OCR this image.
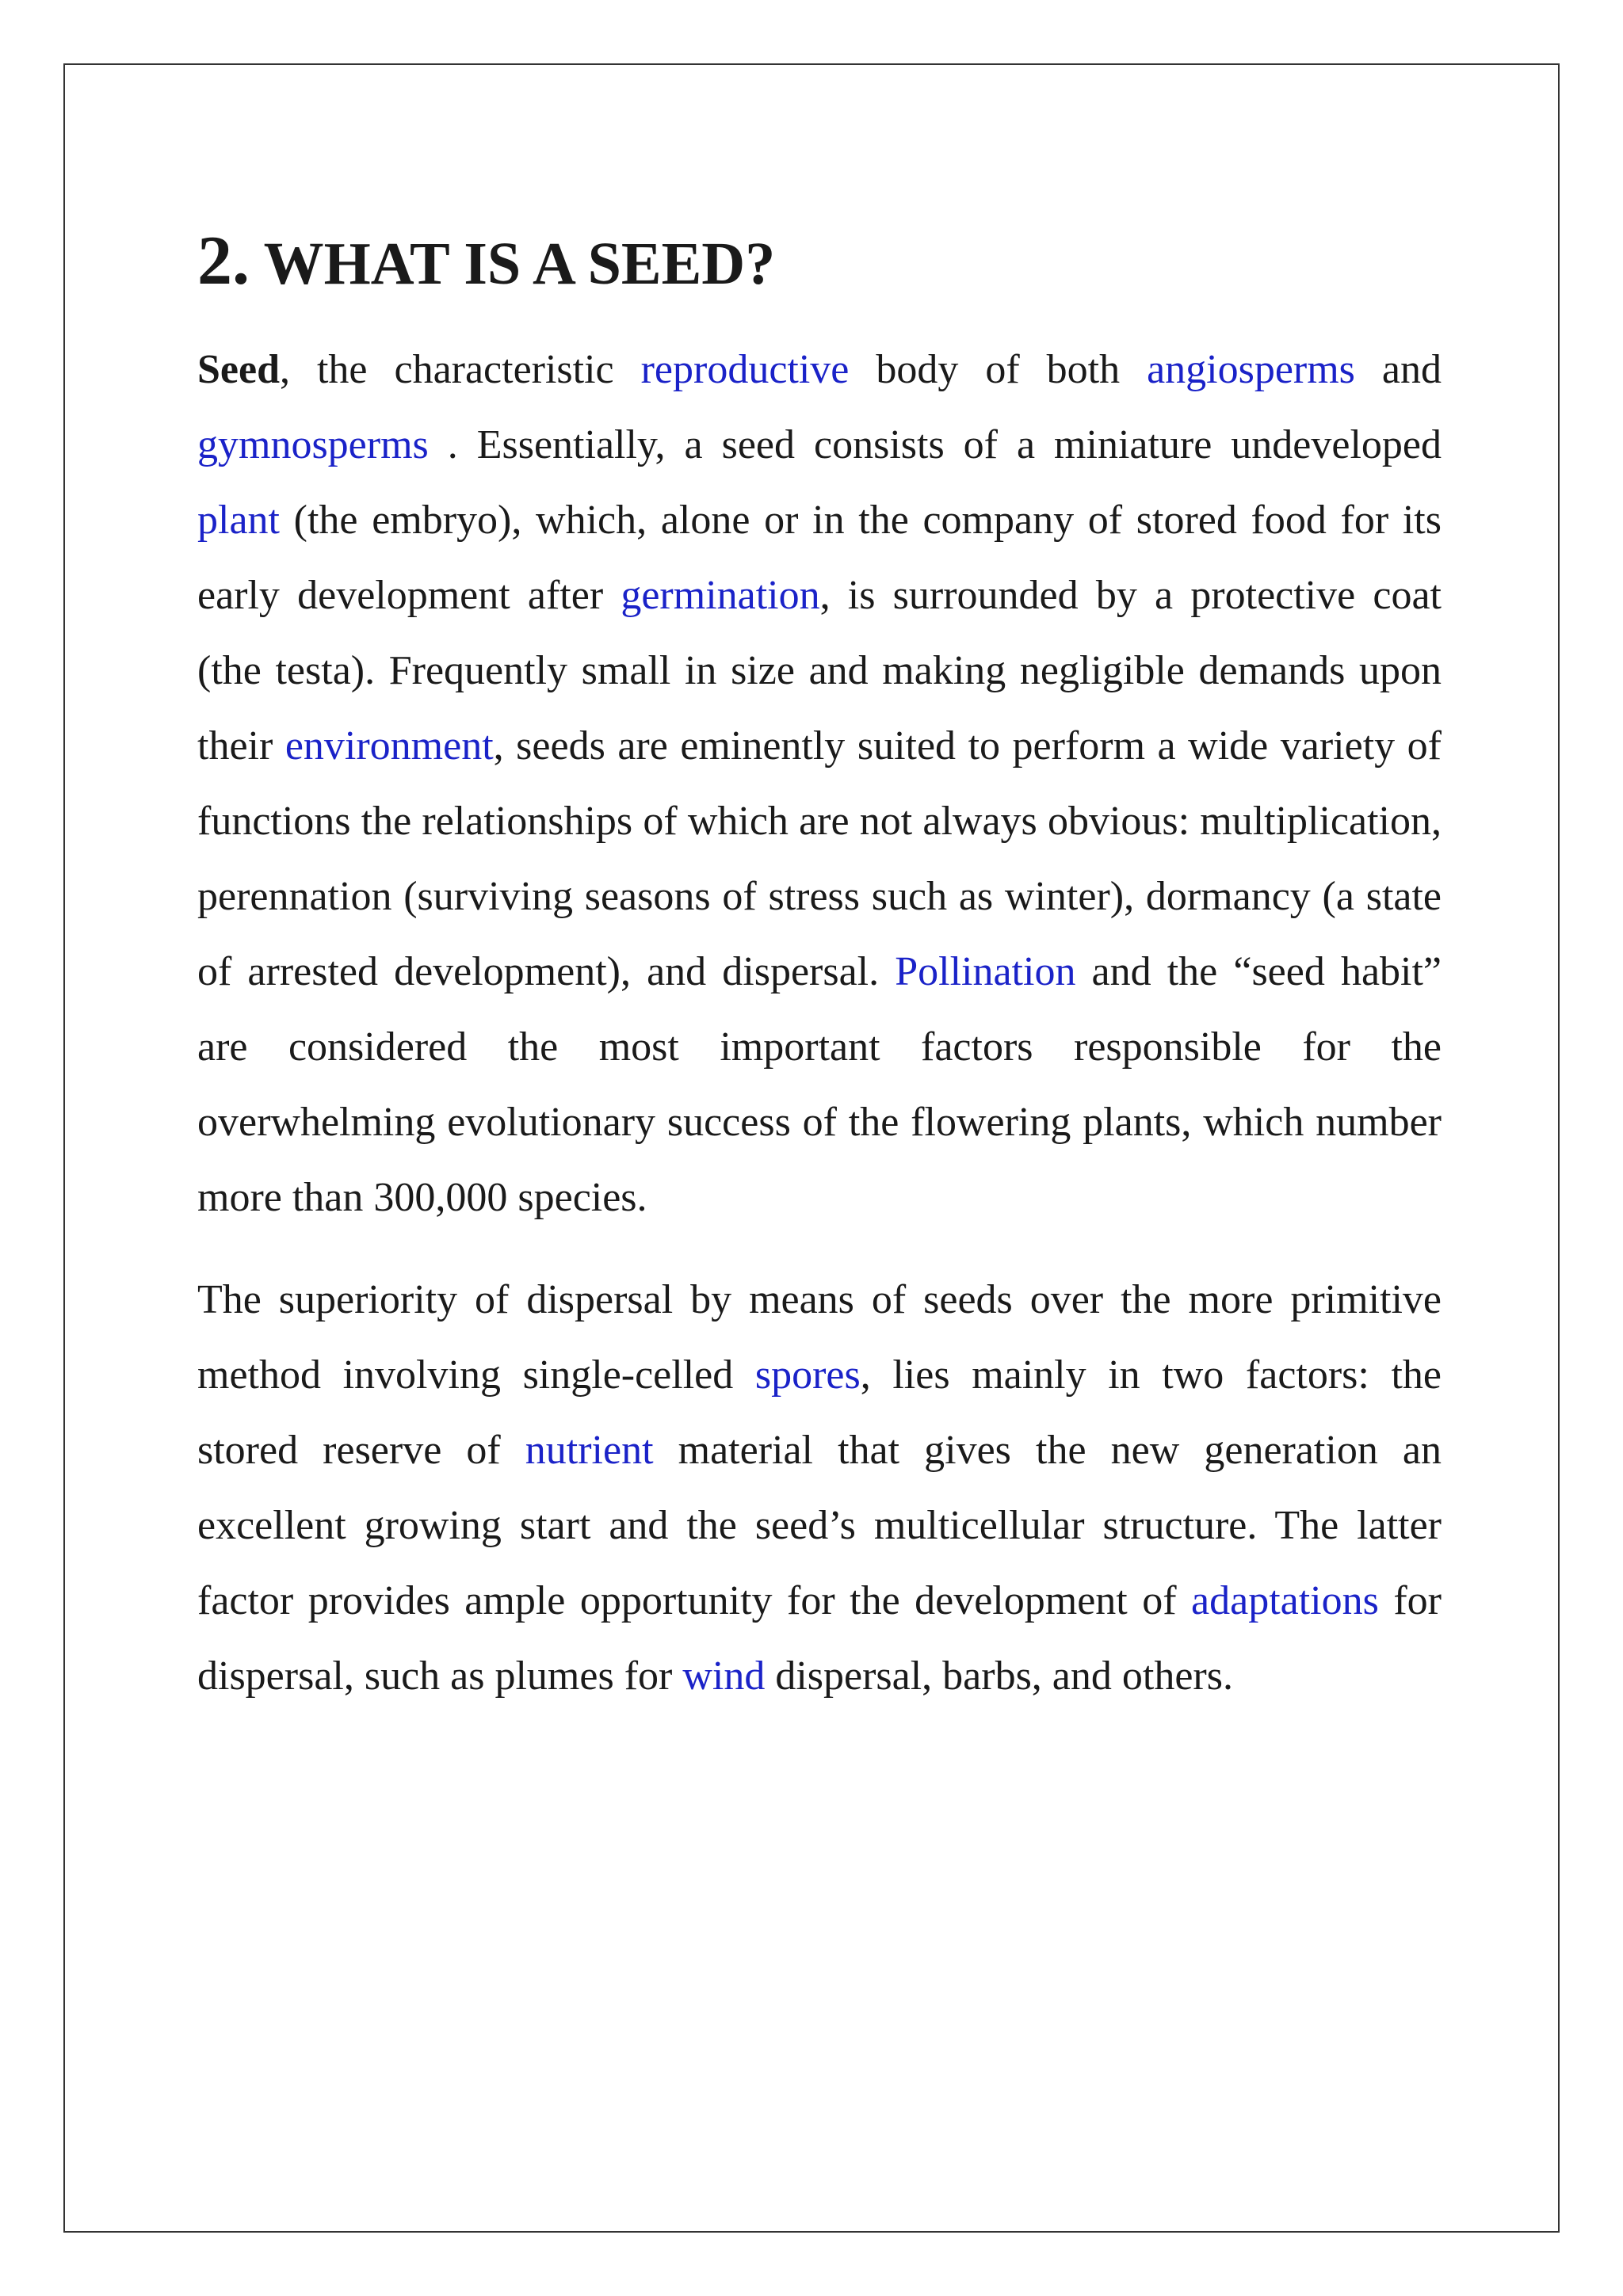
2. WHAT IS A SEED?

Seed, the characteristic reproductive body of both angiosperms and gymnosperms . Essentially, a seed consists of a miniature undeveloped plant (the embryo), which, alone or in the company of stored food for its early development after germination, is surrounded by a protective coat (the testa). Frequently small in size and making negligible demands upon their environment, seeds are eminently suited to perform a wide variety of functions the relationships of which are not always obvious: multiplication, perennation (surviving seasons of stress such as winter), dormancy (a state of arrested development), and dispersal. Pollination and the “seed habit” are considered the most important factors responsible for the overwhelming evolutionary success of the flowering plants, which number more than 300,000 species.

The superiority of dispersal by means of seeds over the more primitive method involving single-celled spores, lies mainly in two factors: the stored reserve of nutrient material that gives the new generation an excellent growing start and the seed’s multicellular structure. The latter factor provides ample opportunity for the development of adaptations for dispersal, such as plumes for wind dispersal, barbs, and others.
